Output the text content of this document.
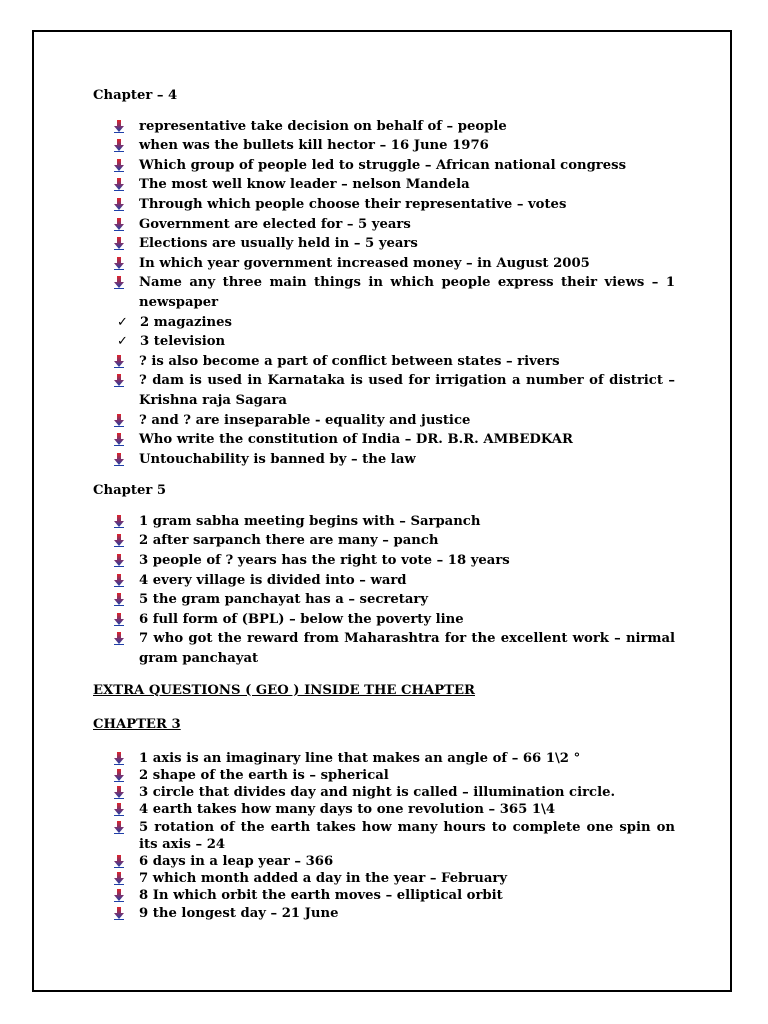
Chapter – 4

representative take decision on behalf of – people
when was the bullets kill hector – 16 June 1976
Which group of people led to struggle – African national congress
The most well know leader – nelson Mandela
Through which people choose their representative – votes
Government are elected for – 5 years
Elections are usually held in – 5 years
In which year government increased money – in August 2005
Name any three main things in which people express their views – 1 newspaper
✓ 2 magazines
✓ 3 television
? is also become a part of conflict between states – rivers
? dam is used in Karnataka is used for irrigation a number of district – Krishna raja Sagara
? and ? are inseparable - equality and justice
Who write the constitution of India – DR. B.R. AMBEDKAR
Untouchability is banned by – the law

Chapter 5

1 gram sabha meeting begins with – Sarpanch
2 after sarpanch there are many – panch
3 people of ? years has the right to vote – 18 years
4 every village is divided into – ward
5 the gram panchayat has a – secretary
6 full form of (BPL) – below the poverty line
7 who got the reward from Maharashtra for the excellent work – nirmal gram panchayat

EXTRA QUESTIONS ( GEO ) INSIDE THE CHAPTER

CHAPTER 3

1 axis is an imaginary line that makes an angle of – 66 1\2 °
2 shape of the earth is – spherical
3 circle that divides day and night is called – illumination circle.
4 earth takes how many days to one revolution – 365 1\4
5 rotation of the earth takes how many hours to complete one spin on its axis – 24
6 days in a leap year – 366
7 which month added a day in the year – February
8 In which orbit the earth moves – elliptical orbit
9 the longest day – 21 June
